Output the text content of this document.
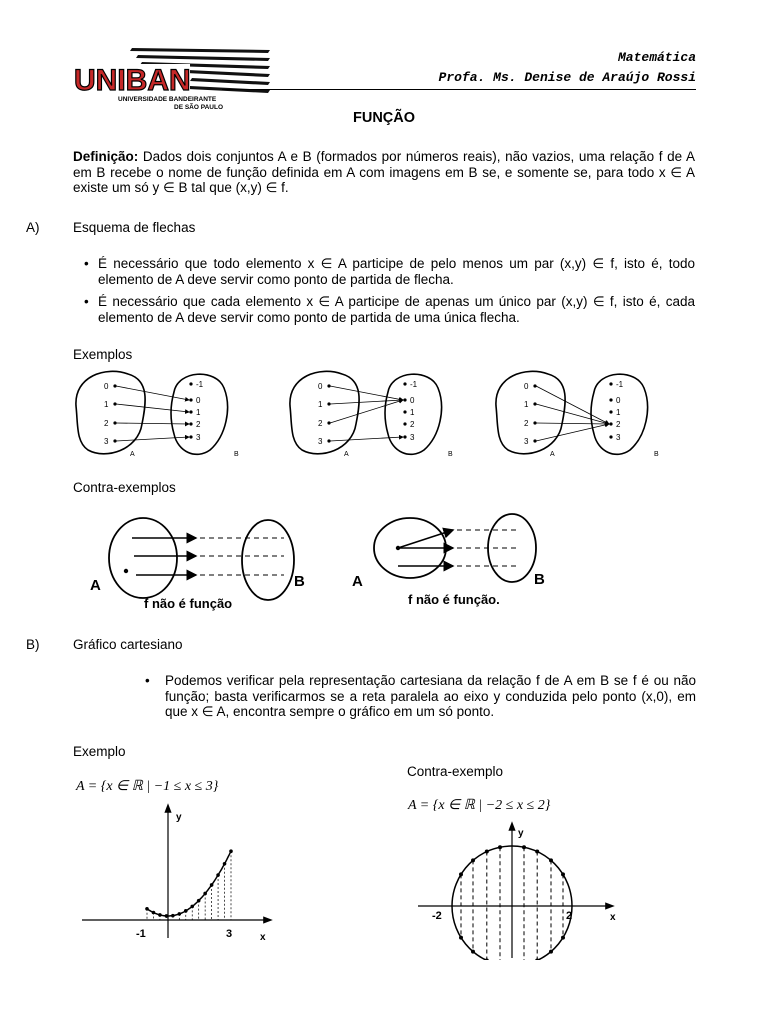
UNIBAN
UNIVERSIDADE BANDEIRANTE
DE SÃO PAULO
Matemática
Profa. Ms. Denise de Araújo Rossi
FUNÇÃO
Definição: Dados dois conjuntos A e B (formados por números reais), não vazios, uma relação f de A em B recebe o nome de função definida em A com imagens em B se, e somente se, para todo x ∈ A existe um só y ∈ B tal que (x,y) ∈ f.
A) Esquema de flechas
• É necessário que todo elemento x ∈ A participe de pelo menos um par (x,y) ∈ f, isto é, todo elemento de A deve servir como ponto de partida de flecha.
• É necessário que cada elemento x ∈ A participe de apenas um único par (x,y) ∈ f, isto é, cada elemento de A deve servir como ponto de partida de uma única flecha.
Exemplos
0
1
2
3
-1
0
1
2
3
A	B
0
1
2
3
-1
0
1
2
3
A	B
0
1
2
3
-1
0
1
2
3
A	B
Contra-exemplos
A	B
f não é função
A	B
f não é função.
B) Gráfico cartesiano
• Podemos verificar pela representação cartesiana da relação f de A em B se f é ou não função; basta verificarmos se a reta paralela ao eixo y conduzida pelo ponto (x,0), em que x ∈ A, encontra sempre o gráfico em um só ponto.
Exemplo
Contra-exemplo
A = {x ∈ ℝ | −1 ≤ x ≤ 3}
A = {x ∈ ℝ | −2 ≤ x ≤ 2}
y
x
-1	3
y
x
-2	2
